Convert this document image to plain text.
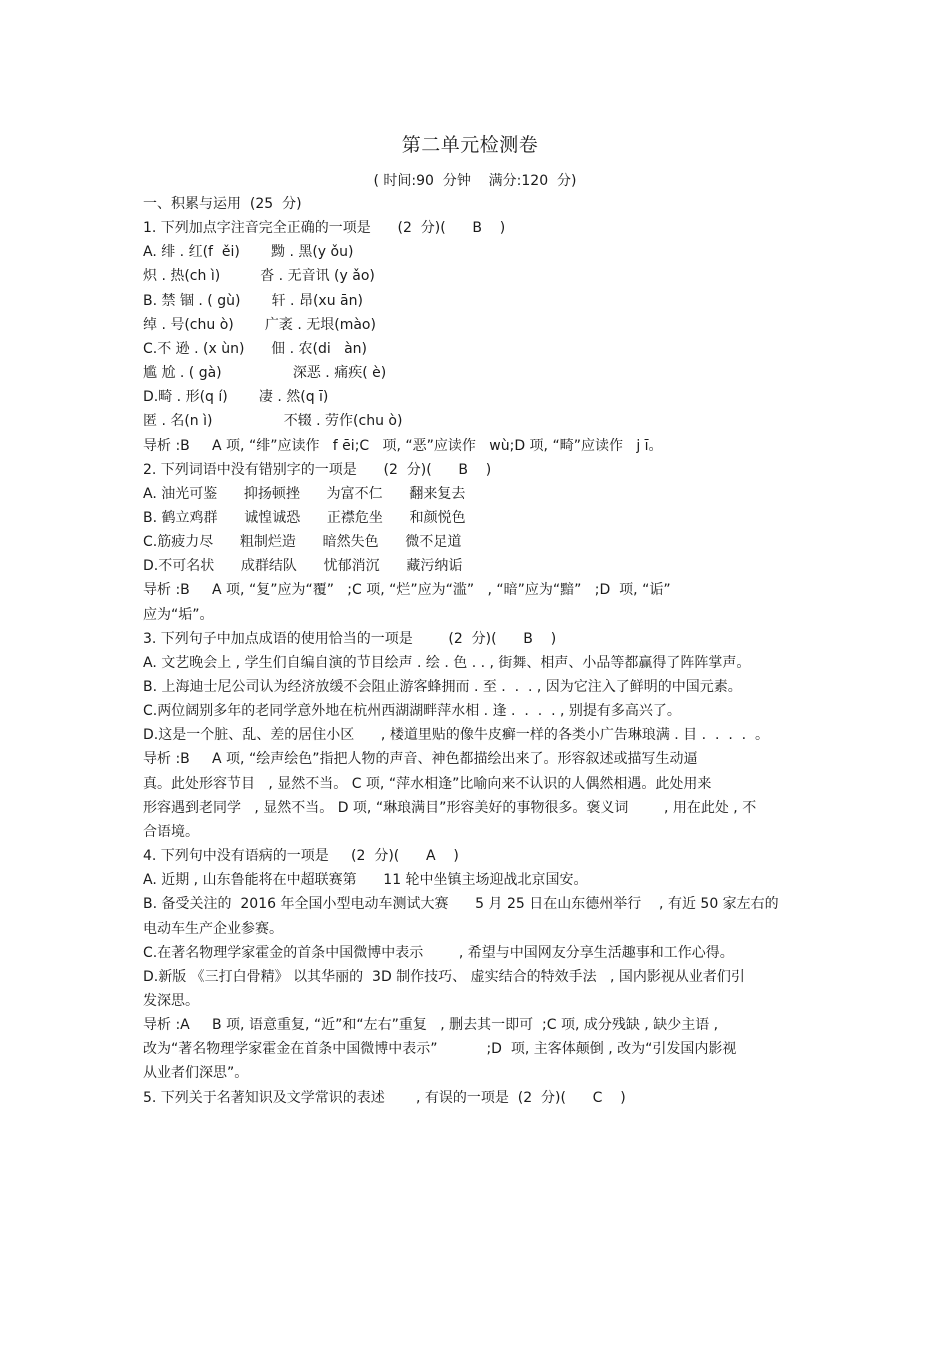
第二单元检测卷
( 时间:90  分钟    满分:120  分)
一、积累与运用  (25  分)
1. 下列加点字注音完全正确的一项是      (2  分)(      B    )
A. 绯 . 红(f  ěi)       黝 . 黑(y ǒu)
炽 . 热(ch ì)         沓 . 无音讯 (y ǎo)
B. 禁 锢 . ( gù)       轩 . 昂(xu ān)
绰 . 号(chu ò)       广袤 . 无垠(mào)
C.不 逊 . (x ùn)      佃 . 农(di   àn)
尴 尬 . ( gà)                深恶 . 痛疾( è)
D.畸 . 形(q í)       凄 . 然(q ī)
匿 . 名(n ì)                不辍 . 劳作(chu ò)
导析 :B     A 项, “绯”应读作   f ēi;C   项, “恶”应读作   wù;D 项, “畸”应读作   j ī。
2. 下列词语中没有错别字的一项是      (2  分)(      B    )
A. 油光可鉴      抑扬顿挫      为富不仁      翻来复去
B. 鹤立鸡群      诚惶诚恐      正襟危坐      和颜悦色
C.筋疲力尽      粗制烂造      暗然失色      微不足道
D.不可名状      成群结队      忧郁消沉      藏污纳诟
导析 :B     A 项, “复”应为“覆”   ;C 项, “烂”应为“滥”   , “暗”应为“黯”   ;D  项, “诟”
应为“垢”。
3. 下列句子中加点成语的使用恰当的一项是        (2  分)(      B    )
A. 文艺晚会上 , 学生们自编自演的节目绘声 . 绘 . 色 . . , 街舞、相声、小品等都赢得了阵阵掌声。
B. 上海迪士尼公司认为经济放缓不会阻止游客蜂拥而 . 至 .  .  . , 因为它注入了鲜明的中国元素。
C.两位阔别多年的老同学意外地在杭州西湖湖畔萍水相 . 逢 .  .  .  . , 别提有多高兴了。
D.这是一个脏、乱、差的居住小区      , 楼道里贴的像牛皮癣一样的各类小广告琳琅满 . 目 .  .  .  .  。
导析 :B     A 项, “绘声绘色”指把人物的声音、神色都描绘出来了。形容叙述或描写生动逼
真。此处形容节目   , 显然不当。 C 项, “萍水相逢”比喻向来不认识的人偶然相遇。此处用来
形容遇到老同学   , 显然不当。 D 项, “琳琅满目”形容美好的事物很多。褒义词        , 用在此处 , 不
合语境。
4. 下列句中没有语病的一项是     (2  分)(      A    )
A. 近期 , 山东鲁能将在中超联赛第      11 轮中坐镇主场迎战北京国安。
B. 备受关注的  2016 年全国小型电动车测试大赛      5 月 25 日在山东德州举行    , 有近 50 家左右的
电动车生产企业参赛。
C.在著名物理学家霍金的首条中国微博中表示        , 希望与中国网友分享生活趣事和工作心得。
D.新版 《三打白骨精》 以其华丽的  3D 制作技巧、 虚实结合的特效手法   , 国内影视从业者们引
发深思。
导析 :A     B 项, 语意重复, “近”和“左右”重复   , 删去其一即可  ;C 项, 成分残缺 , 缺少主语 ,
改为“著名物理学家霍金在首条中国微博中表示”           ;D  项, 主客体颠倒 , 改为“引发国内影视
从业者们深思”。
5. 下列关于名著知识及文学常识的表述       , 有误的一项是  (2  分)(      C    )
